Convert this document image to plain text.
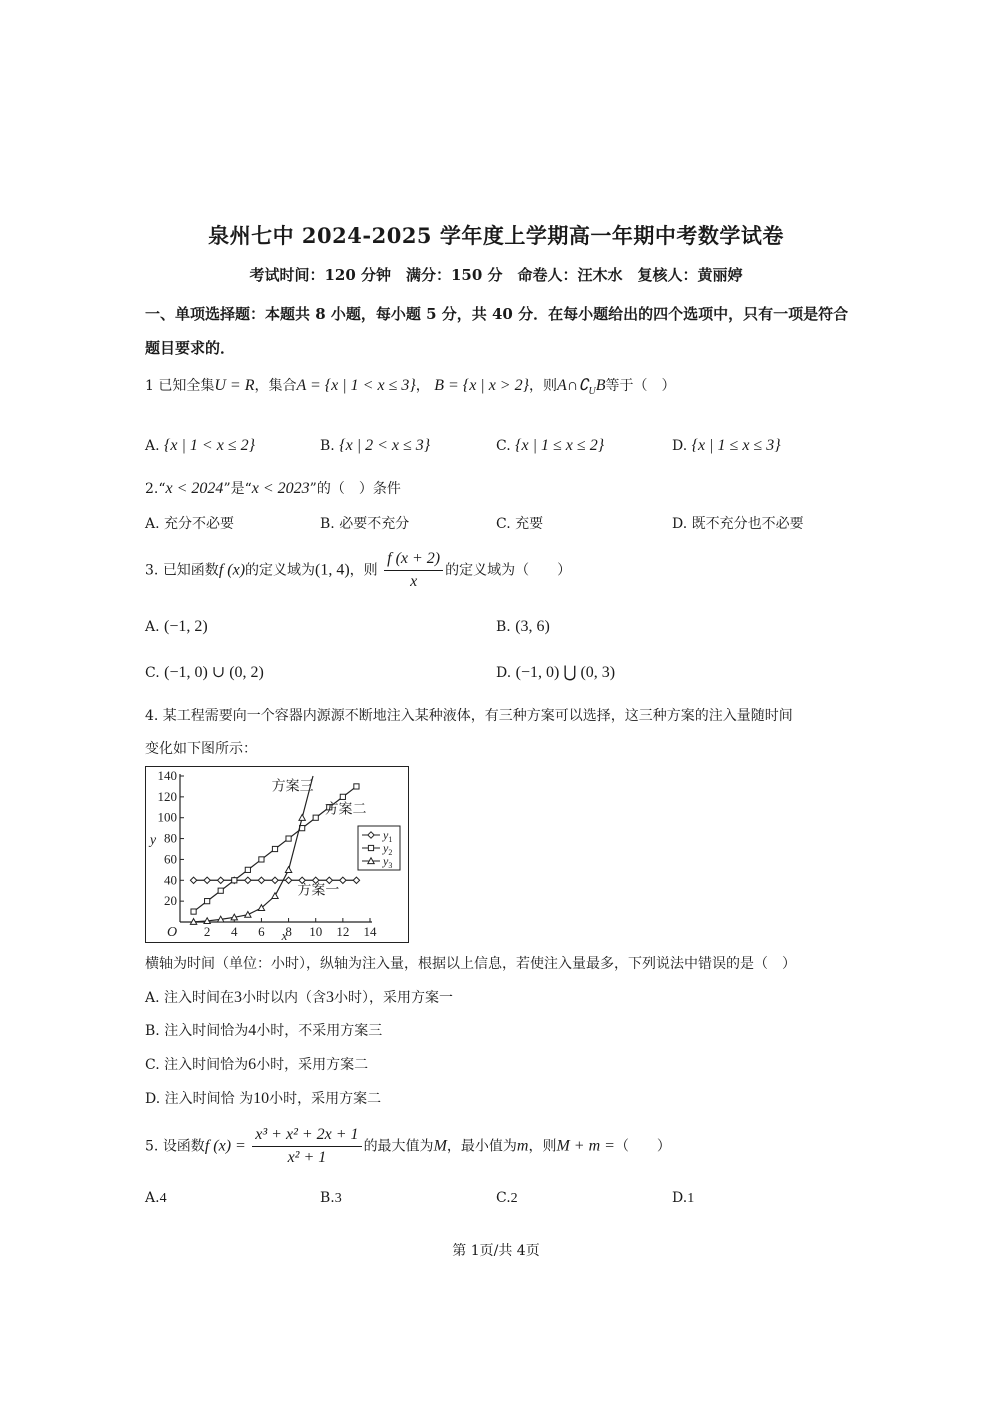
泉州七中 2024-2025 学年度上学期高一年期中考数学试卷
考试时间：120 分钟　满分：150 分　命卷人：汪木水　复核人：黄丽婷
一、单项选择题：本题共 8 小题，每小题 5 分，共 40 分．在每小题给出的四个选项中，只有一项是符合题目要求的．
1 已知全集U = R，集合A = {x | 1 < x ≤ 3}， B = {x | x > 2}，则$A\cap∁_UB$等于（　）
A. {x | 1 < x ≤ 2}	B. {x | 2 < x ≤ 3}	C. {x | 1 ≤ x ≤ 2}	D. {x | 1 ≤ x ≤ 3}
2.“x < 2024”是“x < 2023”的（　）条件
A. 充分不必要	B. 必要不充分	C. 充要	D. 既不充分也不必要
3. 已知函数f (x)的定义域为(1, 4)，则 $\frac{f (x + 2)}{x}$ 的定义域为（　　）
A. (−1, 2)	B. (3, 6)
C. (−1, 0) ∪ (0, 2)	D. (−1, 0) ⋃ (0, 3)
4. 某工程需要向一个容器内源源不断地注入某种液体，有三种方案可以选择，这三种方案的注入量随时间
变化如下图所示：
2 4 6 8 10 12 14
20
40
60
80
100
120
140
O	x
y
方案三
方案二
方案一
$y_1$
$y_2$
$y_3$
横轴为时间（单位：小时），纵轴为注入量，根据以上信息，若使注入量最多，下列说法中错误的是（　）
A. 注入时间在3小时以内（含3小时），采用方案一
B. 注入时间恰为4小时，不采用方案三
C. 注入时间恰为6小时，采用方案二
D. 注入时间恰 为10小时，采用方案二
5. 设函数f $(x) = \frac{\text{x³ + x² + 2x + 1}}{\text{x² + 1}}$ 的最大值为M，最小值为m，则M + m =（　　）
A.4	B.3	C.2	D.1
第 1页/共 4页
